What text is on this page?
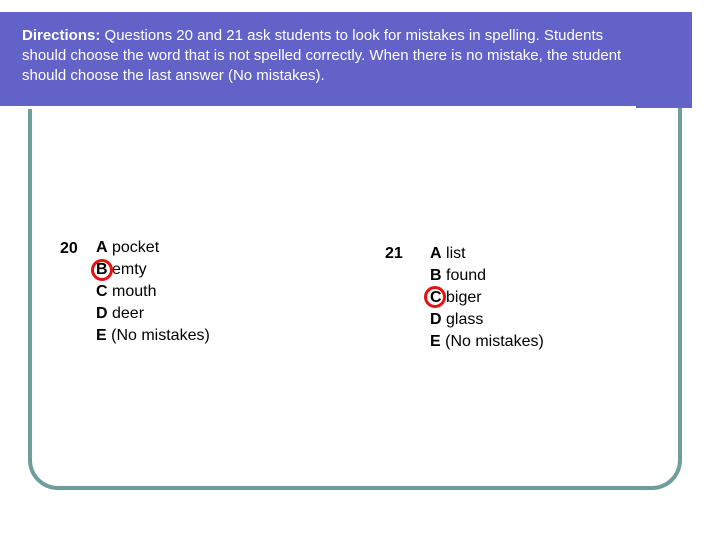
Directions: Questions 20 and 21 ask students to look for mistakes in spelling. Students should choose the word that is not spelled correctly. When there is no mistake, the student should choose the last answer (No mistakes).
20 A pocket
B emty
C mouth
D deer
E (No mistakes)
21 A list
B found
C biger
D glass
E (No mistakes)
